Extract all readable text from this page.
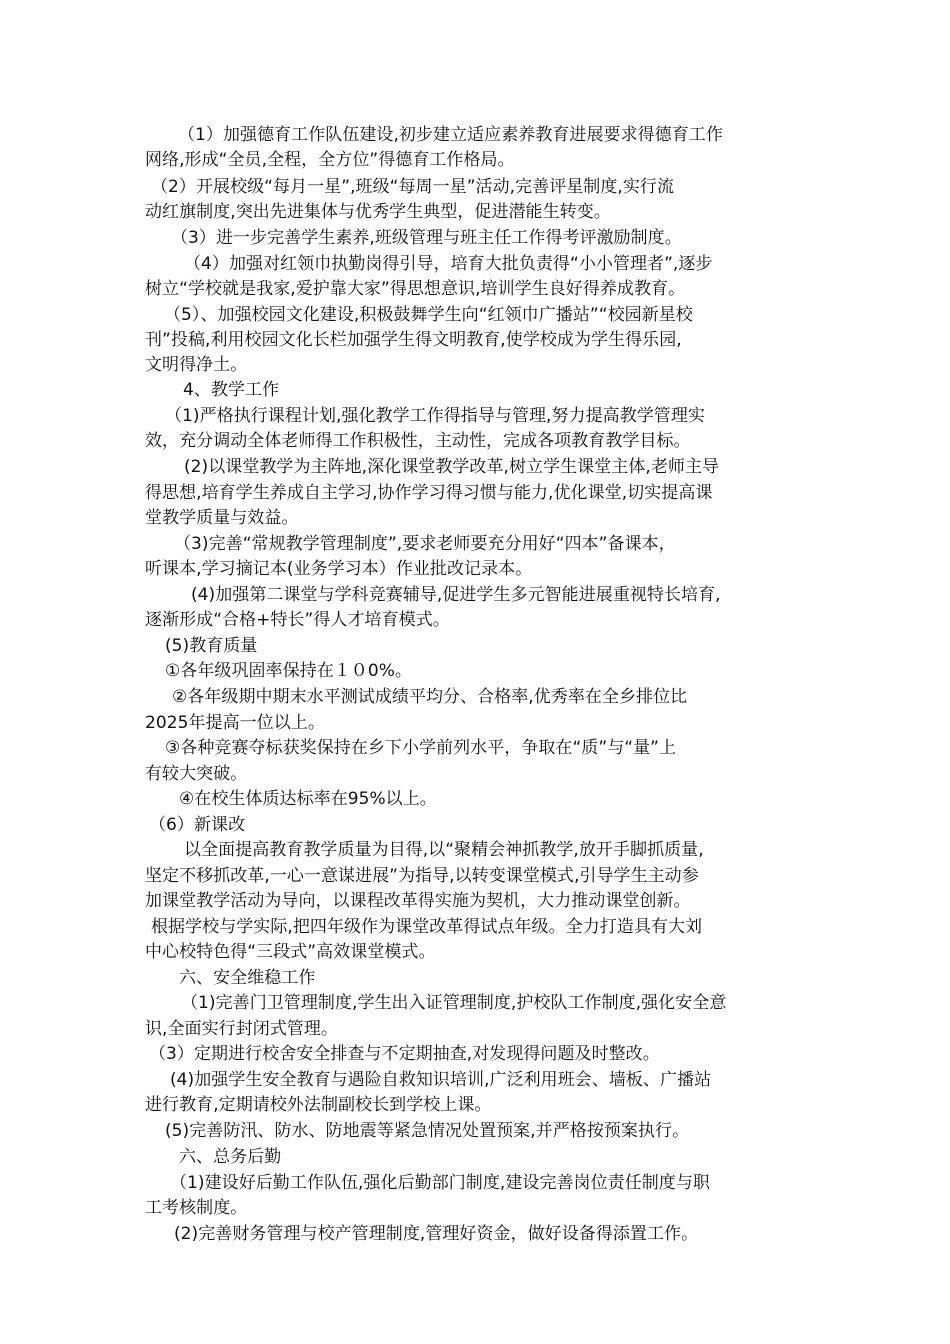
（1）加强德育工作队伍建设,初步建立适应素养教育进展要求得德育工作
网络,形成“全员,全程，全方位”得德育工作格局。
（2）开展校级“每月一星”,班级“每周一星”活动,完善评星制度,实行流
动红旗制度,突出先进集体与优秀学生典型，促进潜能生转变。
（3）进一步完善学生素养,班级管理与班主任工作得考评激励制度。
（4）加强对红领巾执勤岗得引导，培育大批负责得“小小管理者”,逐步
树立“学校就是我家,爱护靠大家”得思想意识,培训学生良好得养成教育。
（5）、加强校园文化建设,积极鼓舞学生向“红领巾广播站”“校园新星校
刊”投稿,利用校园文化长栏加强学生得文明教育,使学校成为学生得乐园,
文明得净土。
4、教学工作
（1)严格执行课程计划,强化教学工作得指导与管理,努力提高教学管理实
效，充分调动全体老师得工作积极性，主动性，完成各项教育教学目标。
(2)以课堂教学为主阵地,深化课堂教学改革,树立学生课堂主体,老师主导
得思想,培育学生养成自主学习,协作学习得习惯与能力,优化课堂,切实提高课
堂教学质量与效益。
（3)完善“常规教学管理制度”,要求老师要充分用好“四本”备课本，
听课本,学习摘记本(业务学习本）作业批改记录本。
(4)加强第二课堂与学科竞赛辅导,促进学生多元智能进展重视特长培育,
逐渐形成“合格+特长”得人才培育模式。
(5)教育质量
①各年级巩固率保持在１０0%。
②各年级期中期末水平测试成绩平均分、合格率,优秀率在全乡排位比
2025年提高一位以上。
③各种竞赛夺标获奖保持在乡下小学前列水平，争取在“质”与“量”上
有较大突破。
④在校生体质达标率在95%以上。
（6）新课改
以全面提高教育教学质量为目得,以“聚精会神抓教学,放开手脚抓质量,
坚定不移抓改革,一心一意谋进展”为指导,以转变课堂模式,引导学生主动参
加课堂教学活动为导向，以课程改革得实施为契机，大力推动课堂创新。
根据学校与学实际,把四年级作为课堂改革得试点年级。全力打造具有大刘
中心校特色得“三段式”高效课堂模式。
六、安全维稳工作
（1)完善门卫管理制度,学生出入证管理制度,护校队工作制度,强化安全意
识,全面实行封闭式管理。
（3）定期进行校舍安全排查与不定期抽查,对发现得问题及时整改。
(4)加强学生安全教育与遇险自救知识培训,广泛利用班会、墙板、广播站
进行教育,定期请校外法制副校长到学校上课。
(5)完善防汛、防水、防地震等紧急情况处置预案,并严格按预案执行。
六、总务后勤
（1)建设好后勤工作队伍,强化后勤部门制度,建设完善岗位责任制度与职
工考核制度。
(2)完善财务管理与校产管理制度,管理好资金，做好设备得添置工作。
